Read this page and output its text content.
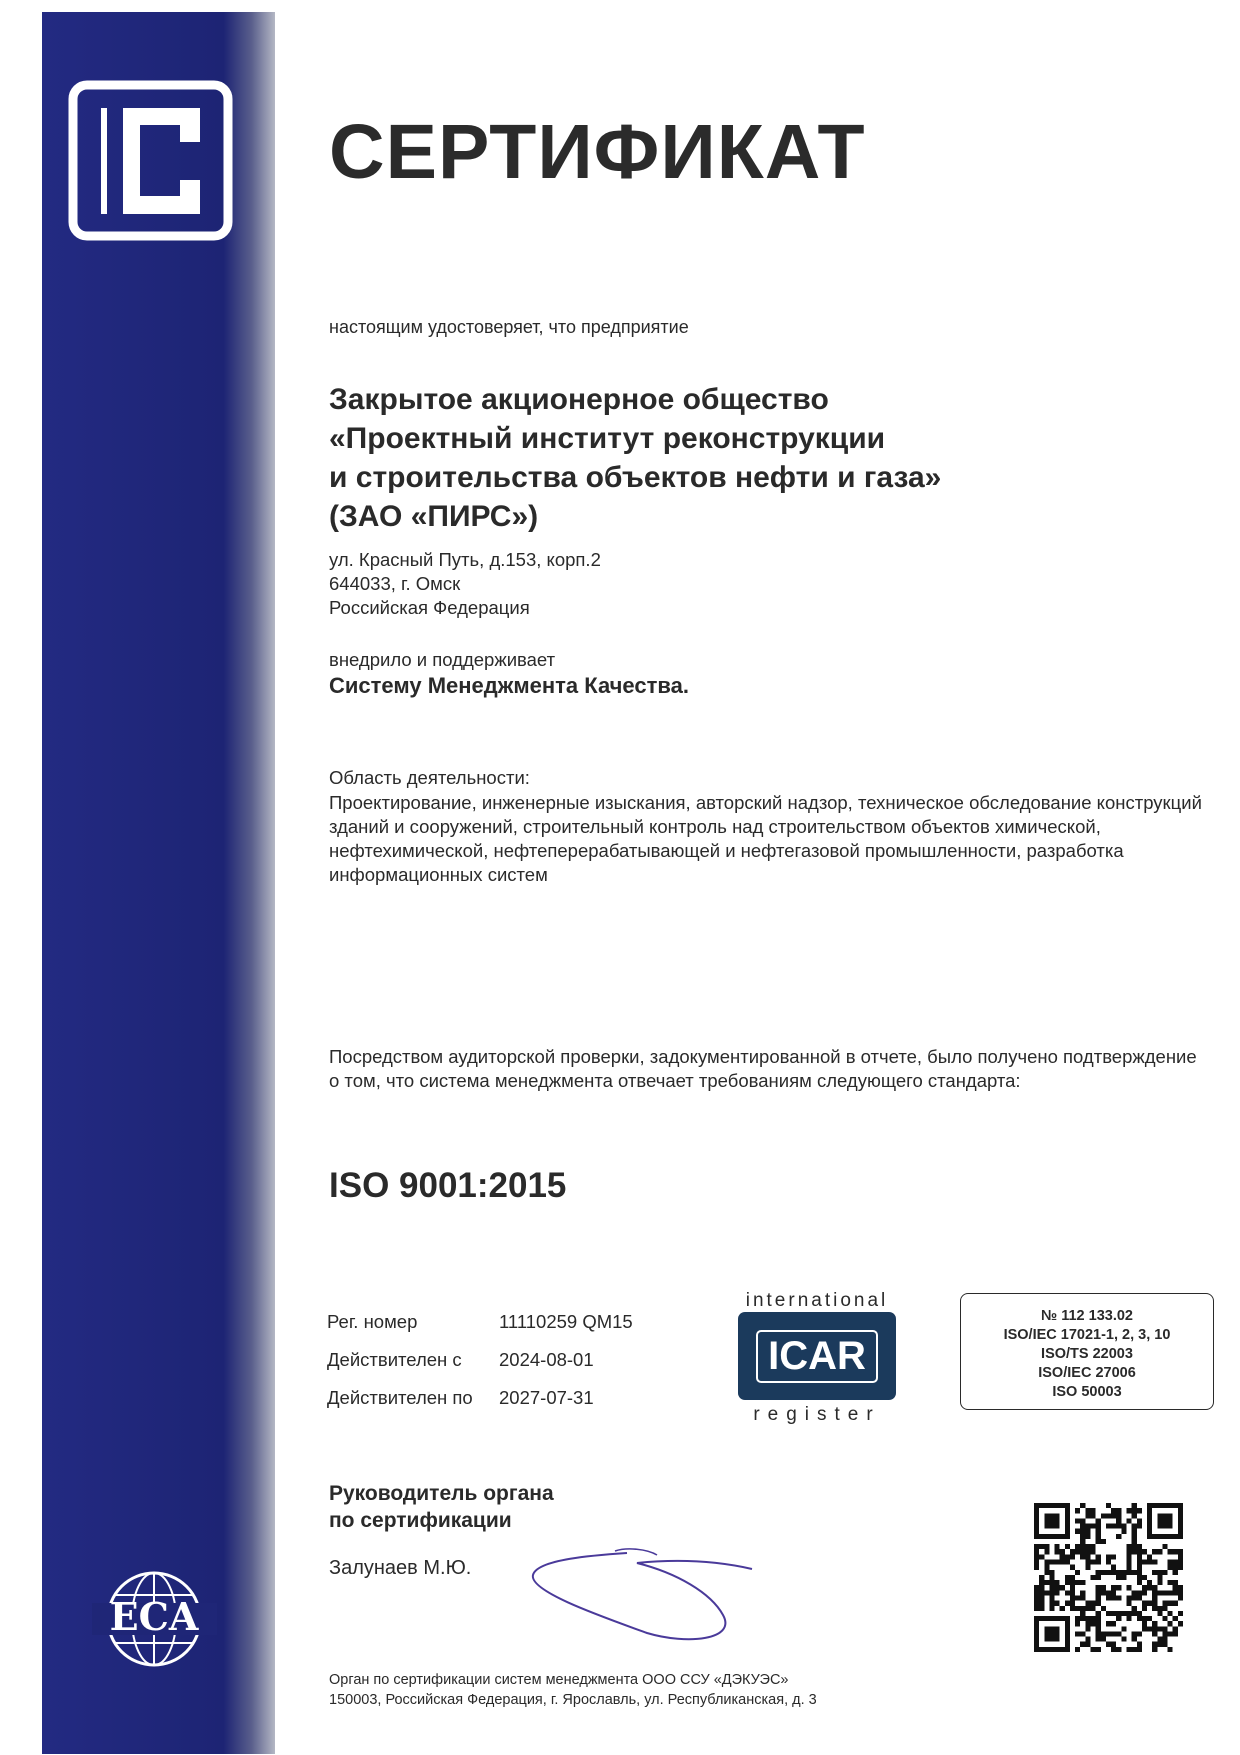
ECA
СЕРТИФИКАТ
настоящим удостоверяет, что предприятие
Закрытое акционерное общество
«Проектный институт реконструкции
и строительства объектов нефти и газа»
(ЗАО «ПИРС»)
ул. Красный Путь, д.153, корп.2
644033, г. Омск
Российская Федерация
внедрило и поддерживает
Систему Менеджмента Качества.
Область деятельности:
Проектирование, инженерные изыскания, авторский надзор, техническое обследование конструкций зданий и сооружений, строительный контроль над строительством объектов химической, нефтехимической, нефтеперерабатывающей и нефтегазовой промышленности, разработка информационных систем
Посредством аудиторской проверки, задокументированной в отчете, было получено подтверждение о том, что система менеджмента отвечает требованиям следующего стандарта:
ISO 9001:2015
Рег. номер	11110259 QM15
Действителен с	2024-08-01
Действителен по	2027-07-31
international
ICAR
register
№ 112 133.02
ISO/IEC 17021-1, 2, 3, 10
ISO/TS 22003
ISO/IEC 27006
ISO 50003
Руководитель органа
по сертификации
Залунаев М.Ю.
Орган по сертификации систем менеджмента ООО ССУ «ДЭКУЭС»
150003, Российская Федерация, г. Ярославль, ул. Республиканская, д. 3
